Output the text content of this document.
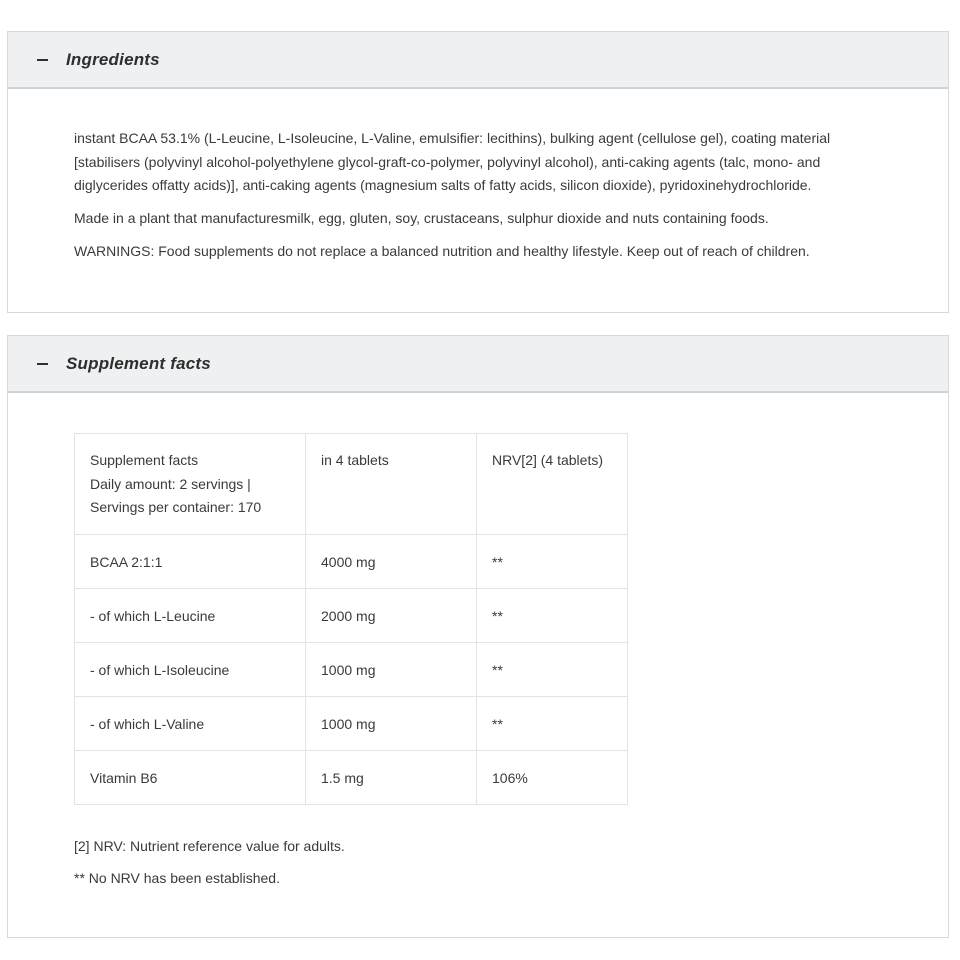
Ingredients

instant BCAA 53.1% (L-Leucine, L-Isoleucine, L-Valine, emulsifier: lecithins), bulking agent (cellulose gel), coating material [stabilisers (polyvinyl alcohol-polyethylene glycol-graft-co-polymer, polyvinyl alcohol), anti-caking agents (talc, mono- and diglycerides offatty acids)], anti-caking agents (magnesium salts of fatty acids, silicon dioxide), pyridoxinehydrochloride.

Made in a plant that manufacturesmilk, egg, gluten, soy, crustaceans, sulphur dioxide and nuts containing foods.

WARNINGS: Food supplements do not replace a balanced nutrition and healthy lifestyle. Keep out of reach of children.

Supplement facts
Supplement facts
Daily amount: 2 servings |
Servings per container: 170	in 4 tablets	NRV[2] (4 tablets)
BCAA 2:1:1	4000 mg	**
- of which L-Leucine	2000 mg	**
- of which L-Isoleucine	1000 mg	**
- of which L-Valine	1000 mg	**
Vitamin B6	1.5 mg	106%

[2] NRV: Nutrient reference value for adults.

** No NRV has been established.
